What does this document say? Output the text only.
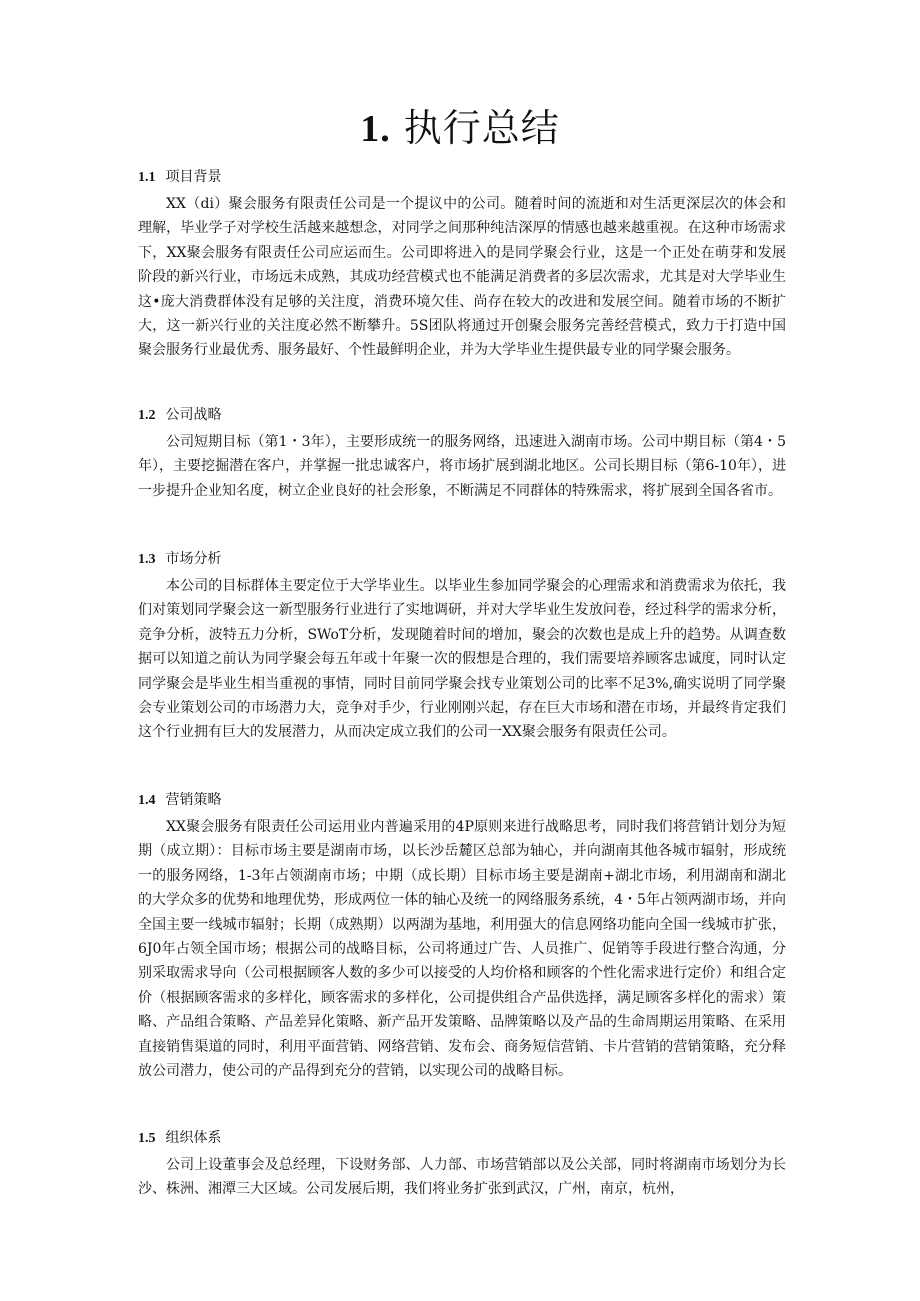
1. 执行总结
1.1 项目背景

XX（di）聚会服务有限责任公司是一个提议中的公司。随着时间的流逝和对生活更深层次的体会和理解，毕业学子对学校生活越来越想念，对同学之间那种纯洁深厚的情感也越来越重视。在这种市场需求下，XX聚会服务有限责任公司应运而生。公司即将进入的是同学聚会行业，这是一个正处在萌芽和发展阶段的新兴行业，市场远未成熟，其成功经营模式也不能满足消费者的多层次需求，尤其是对大学毕业生这•庞大消费群体没有足够的关注度，消费环境欠佳、尚存在较大的改进和发展空间。随着市场的不断扩大，这一新兴行业的关注度必然不断攀升。5S团队将通过开创聚会服务完善经营模式，致力于打造中国聚会服务行业最优秀、服务最好、个性最鲜明企业，并为大学毕业生提供最专业的同学聚会服务。

1.2 公司战略

公司短期目标（第1・3年），主要形成统一的服务网络，迅速进入湖南市场。公司中期目标（第4・5年），主要挖掘潜在客户，并掌握一批忠诚客户，将市场扩展到湖北地区。公司长期目标（第6-10年），进一步提升企业知名度，树立企业良好的社会形象，不断满足不同群体的特殊需求，将扩展到全国各省市。

1.3 市场分析

本公司的目标群体主要定位于大学毕业生。以毕业生参加同学聚会的心理需求和消费需求为依托，我们对策划同学聚会这一新型服务行业进行了实地调研，并对大学毕业生发放问卷，经过科学的需求分析，竞争分析，波特五力分析，SWoT分析，发现随着时间的增加，聚会的次数也是成上升的趋势。从调查数据可以知道之前认为同学聚会每五年或十年聚一次的假想是合理的，我们需要培养顾客忠诚度，同时认定同学聚会是毕业生相当重视的事情，同时目前同学聚会找专业策划公司的比率不足3%,确实说明了同学聚会专业策划公司的市场潜力大，竞争对手少，行业刚刚兴起，存在巨大市场和潜在市场，并最终肯定我们这个行业拥有巨大的发展潜力，从而决定成立我们的公司一XX聚会服务有限责任公司。

1.4 营销策略

XX聚会服务有限责任公司运用业内普遍采用的4P原则来进行战略思考，同时我们将营销计划分为短期（成立期）：目标市场主要是湖南市场，以长沙岳麓区总部为轴心，并向湖南其他各城市辐射，形成统一的服务网络，1-3年占领湖南市场；中期（成长期）目标市场主要是湖南+湖北市场，利用湖南和湖北的大学众多的优势和地理优势，形成两位一体的轴心及统一的网络服务系统，4・5年占领两湖市场，并向全国主要一线城市辐射；长期（成熟期）以两湖为基地，利用强大的信息网络功能向全国一线城市扩张，6J0年占领全国市场；根据公司的战略目标，公司将通过广告、人员推广、促销等手段进行整合沟通，分别采取需求导向（公司根据顾客人数的多少可以接受的人均价格和顾客的个性化需求进行定价）和组合定价（根据顾客需求的多样化，顾客需求的多样化，公司提供组合产品供选择，满足顾客多样化的需求）策略、产品组合策略、产品差异化策略、新产品开发策略、品牌策略以及产品的生命周期运用策略、在采用直接销售渠道的同时，利用平面营销、网络营销、发布会、商务短信营销、卡片营销的营销策略，充分释放公司潜力，使公司的产品得到充分的营销，以实现公司的战略目标。

1.5 组织体系

公司上设董事会及总经理，下设财务部、人力部、市场营销部以及公关部，同时将湖南市场划分为长沙、株洲、湘潭三大区域。公司发展后期，我们将业务扩张到武汉，广州，南京，杭州，
